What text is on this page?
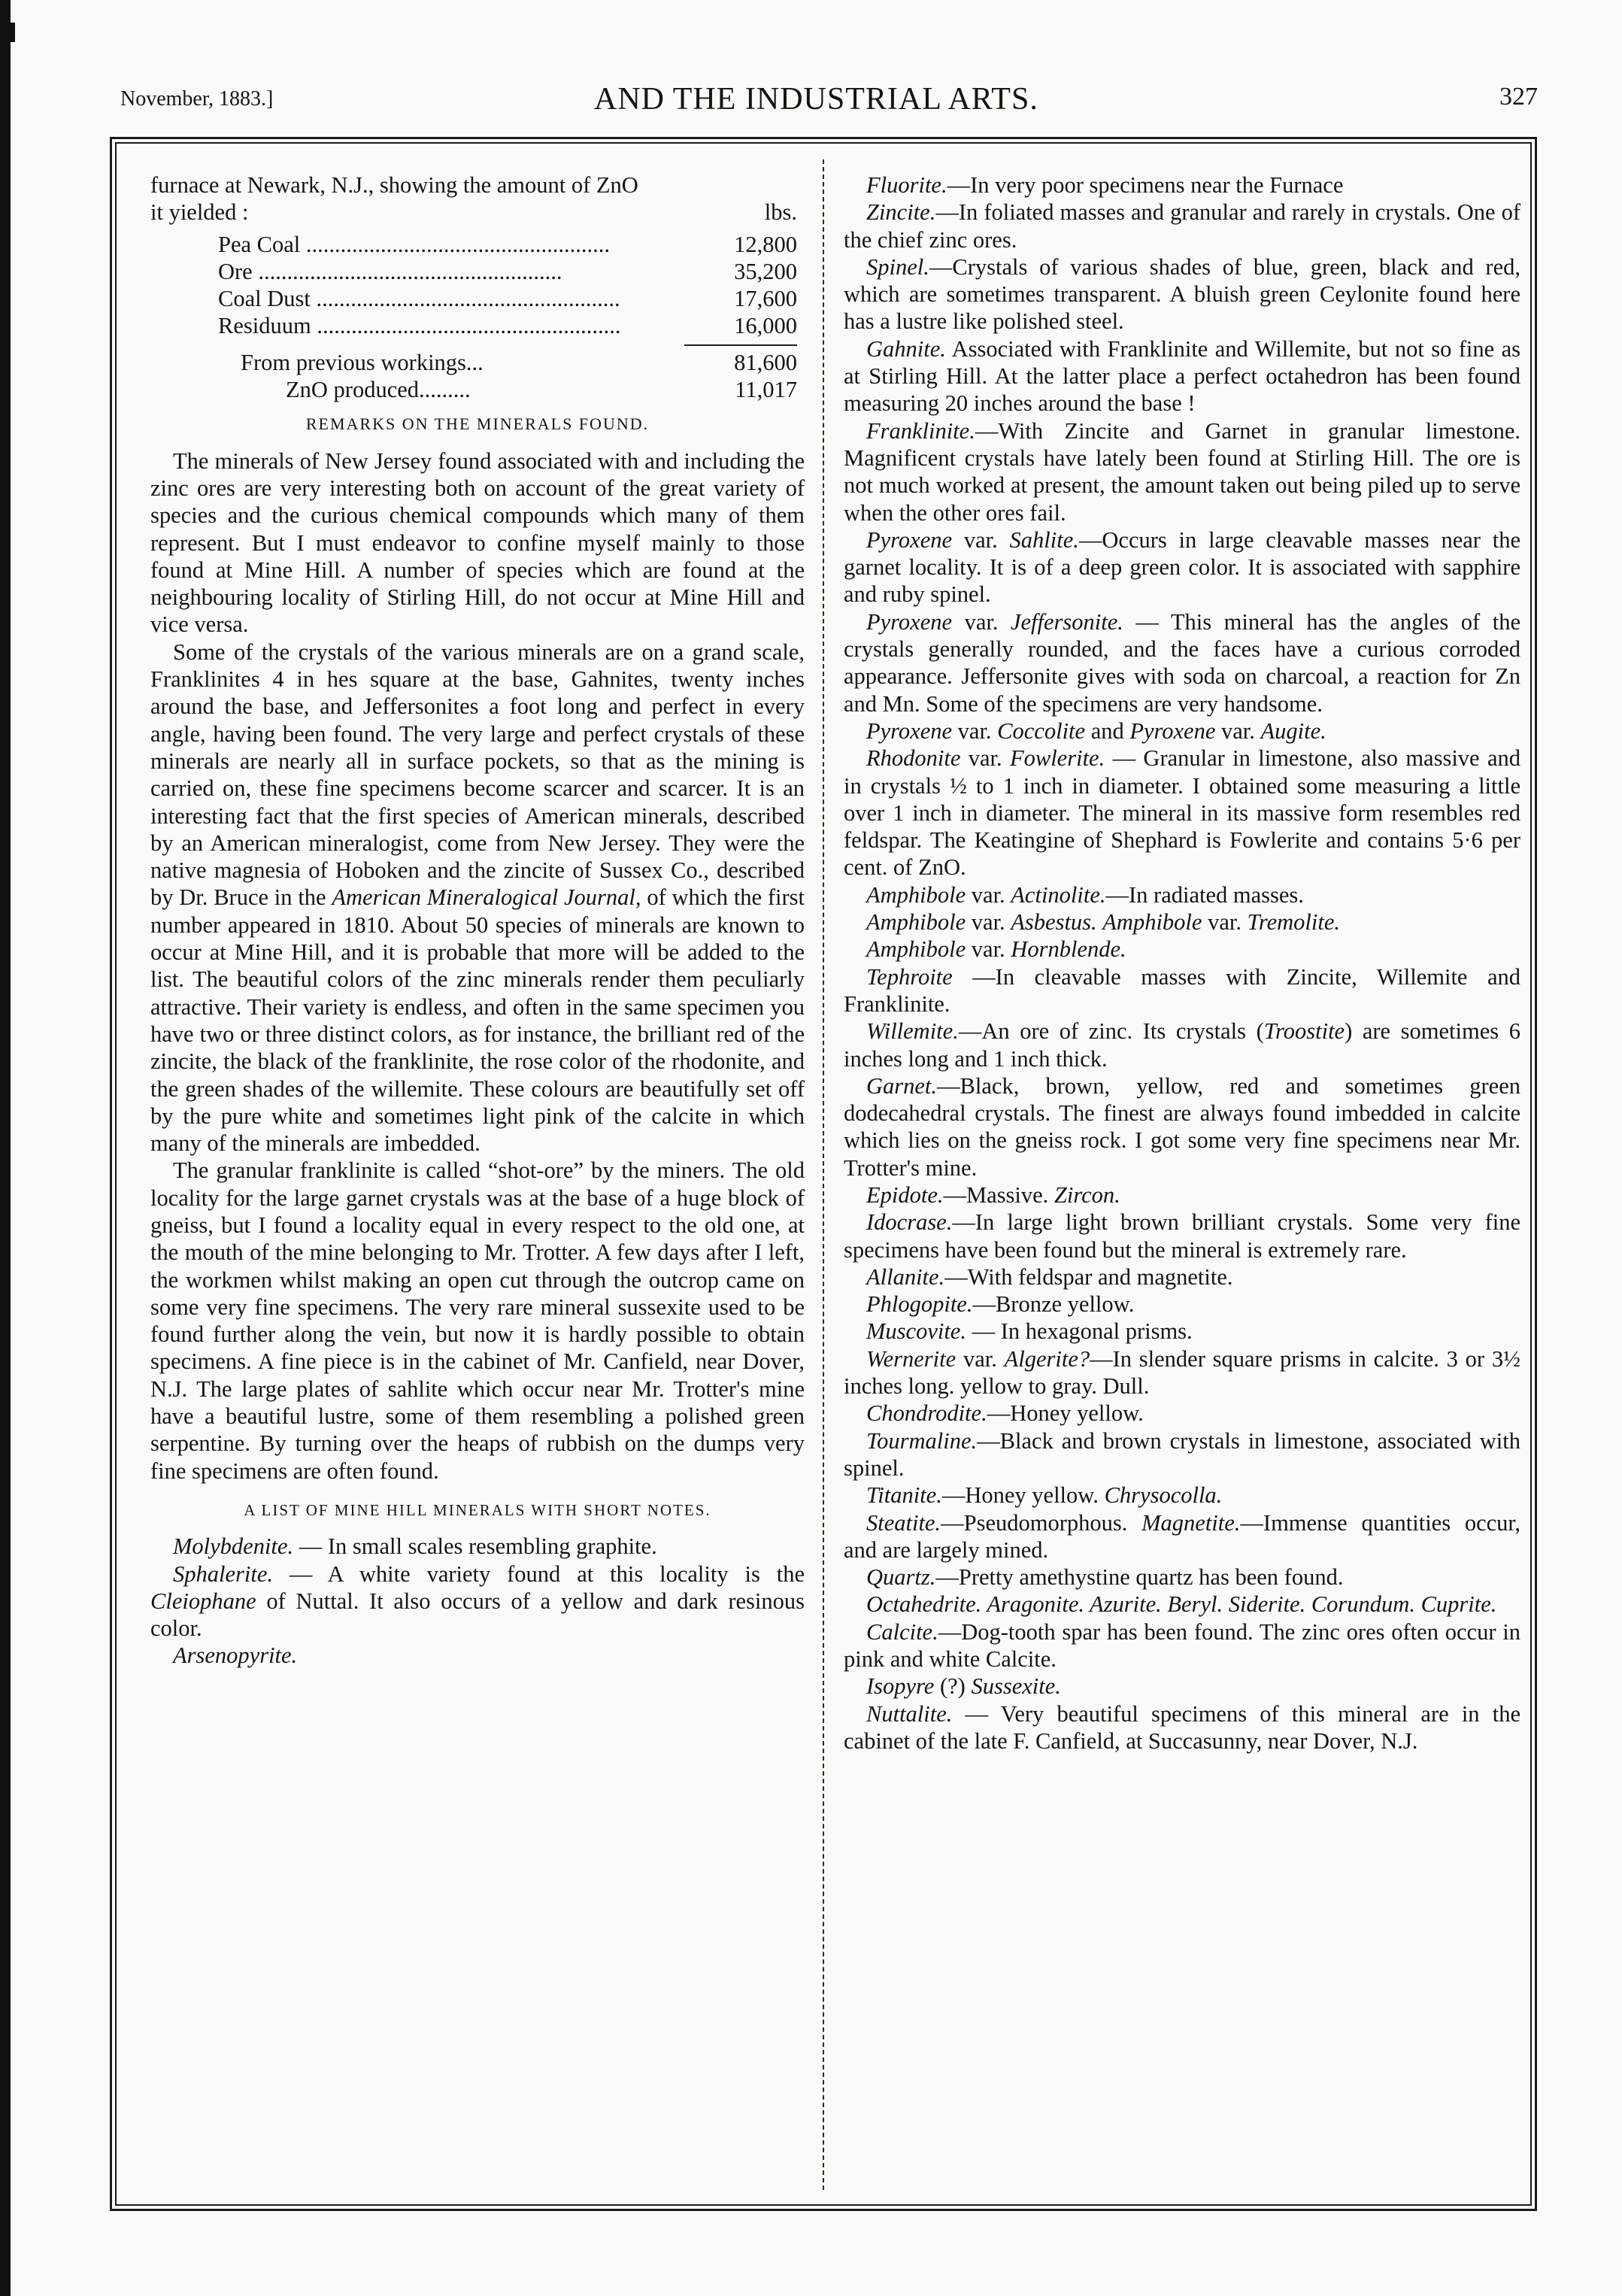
November, 1883.]	AND THE INDUSTRIAL ARTS.	327

furnace at Newark, N.J., showing the amount of ZnO

it yielded :	lbs.
Pea Coal .....	12,800
Ore .....	35,200
Coal Dust .....	17,600
Residuum .....	16,000
From previous workings...	81,600
ZnO produced.........	11,017
REMARKS ON THE MINERALS FOUND.

The minerals of New Jersey found associated with and including the zinc ores are very interesting both on account of the great variety of species and the curious chemical compounds which many of them represent. But I must endeavor to confine myself mainly to those found at Mine Hill. A number of species which are found at the neighbouring locality of Stirling Hill, do not occur at Mine Hill and vice versa.

Some of the crystals of the various minerals are on a grand scale, Franklinites 4 in hes square at the base, Gahnites, twenty inches around the base, and Jeffersonites a foot long and perfect in every angle, having been found. The very large and perfect crystals of these minerals are nearly all in surface pockets, so that as the mining is carried on, these fine specimens become scarcer and scarcer. It is an interesting fact that the first species of American minerals, described by an American mineralogist, come from New Jersey. They were the native magnesia of Hoboken and the zincite of Sussex Co., described by Dr. Bruce in the American Mineralogical Journal, of which the first number appeared in 1810. About 50 species of minerals are known to occur at Mine Hill, and it is probable that more will be added to the list. The beautiful colors of the zinc minerals render them peculiarly attractive. Their variety is endless, and often in the same specimen you have two or three distinct colors, as for instance, the brilliant red of the zincite, the black of the franklinite, the rose color of the rhodonite, and the green shades of the willemite. These colours are beautifully set off by the pure white and sometimes light pink of the calcite in which many of the minerals are imbedded.

The granular franklinite is called “shot-ore” by the miners. The old locality for the large garnet crystals was at the base of a huge block of gneiss, but I found a locality equal in every respect to the old one, at the mouth of the mine belonging to Mr. Trotter. A few days after I left, the workmen whilst making an open cut through the outcrop came on some very fine specimens. The very rare mineral sussexite used to be found further along the vein, but now it is hardly possible to obtain specimens. A fine piece is in the cabinet of Mr. Canfield, near Dover, N.J. The large plates of sahlite which occur near Mr. Trotter's mine have a beautiful lustre, some of them resembling a polished green serpentine. By turning over the heaps of rubbish on the dumps very fine specimens are often found.

A LIST OF MINE HILL MINERALS WITH SHORT NOTES.

Molybdenite. — In small scales resembling graphite.

Sphalerite. — A white variety found at this locality is the Cleiophane of Nuttal. It also occurs of a yellow and dark resinous color.

Arsenopyrite.

Fluorite.—In very poor specimens near the Furnace

Zincite.—In foliated masses and granular and rarely in crystals. One of the chief zinc ores.

Spinel.—Crystals of various shades of blue, green, black and red, which are sometimes transparent. A bluish green Ceylonite found here has a lustre like polished steel.

Gahnite. Associated with Franklinite and Willemite, but not so fine as at Stirling Hill. At the latter place a perfect octahedron has been found measuring 20 inches around the base !

Franklinite.—With Zincite and Garnet in granular limestone. Magnificent crystals have lately been found at Stirling Hill. The ore is not much worked at present, the amount taken out being piled up to serve when the other ores fail.

Pyroxene var. Sahlite.—Occurs in large cleavable masses near the garnet locality. It is of a deep green color. It is associated with sapphire and ruby spinel.

Pyroxene var. Jeffersonite. — This mineral has the angles of the crystals generally rounded, and the faces have a curious corroded appearance. Jeffersonite gives with soda on charcoal, a reaction for Zn and Mn. Some of the specimens are very handsome.

Pyroxene var. Coccolite and Pyroxene var. Augite.

Rhodonite var. Fowlerite. — Granular in limestone, also massive and in crystals ½ to 1 inch in diameter. I obtained some measuring a little over 1 inch in diameter. The mineral in its massive form resembles red feldspar. The Keatingine of Shephard is Fowlerite and contains 5·6 per cent. of ZnO.

Amphibole var. Actinolite.—In radiated masses.

Amphibole var. Asbestus. Amphibole var. Tremolite.

Amphibole var. Hornblende.

Tephroite —In cleavable masses with Zincite, Willemite and Franklinite.

Willemite.—An ore of zinc. Its crystals (Troostite) are sometimes 6 inches long and 1 inch thick.

Garnet.—Black, brown, yellow, red and sometimes green dodecahedral crystals. The finest are always found imbedded in calcite which lies on the gneiss rock. I got some very fine specimens near Mr. Trotter's mine.

Epidote.—Massive. Zircon.

Idocrase.—In large light brown brilliant crystals. Some very fine specimens have been found but the mineral is extremely rare.

Allanite.—With feldspar and magnetite.

Phlogopite.—Bronze yellow.

Muscovite. — In hexagonal prisms.

Wernerite var. Algerite?—In slender square prisms in calcite. 3 or 3½ inches long. yellow to gray. Dull.

Chondrodite.—Honey yellow.

Tourmaline.—Black and brown crystals in limestone, associated with spinel.

Titanite.—Honey yellow. Chrysocolla.

Steatite.—Pseudomorphous. Magnetite.—Immense quantities occur, and are largely mined.

Quartz.—Pretty amethystine quartz has been found.

Octahedrite. Aragonite. Azurite. Beryl. Siderite. Corundum. Cuprite.

Calcite.—Dog-tooth spar has been found. The zinc ores often occur in pink and white Calcite.

Isopyre (?) Sussexite.

Nuttalite. — Very beautiful specimens of this mineral are in the cabinet of the late F. Canfield, at Succasunny, near Dover, N.J.
